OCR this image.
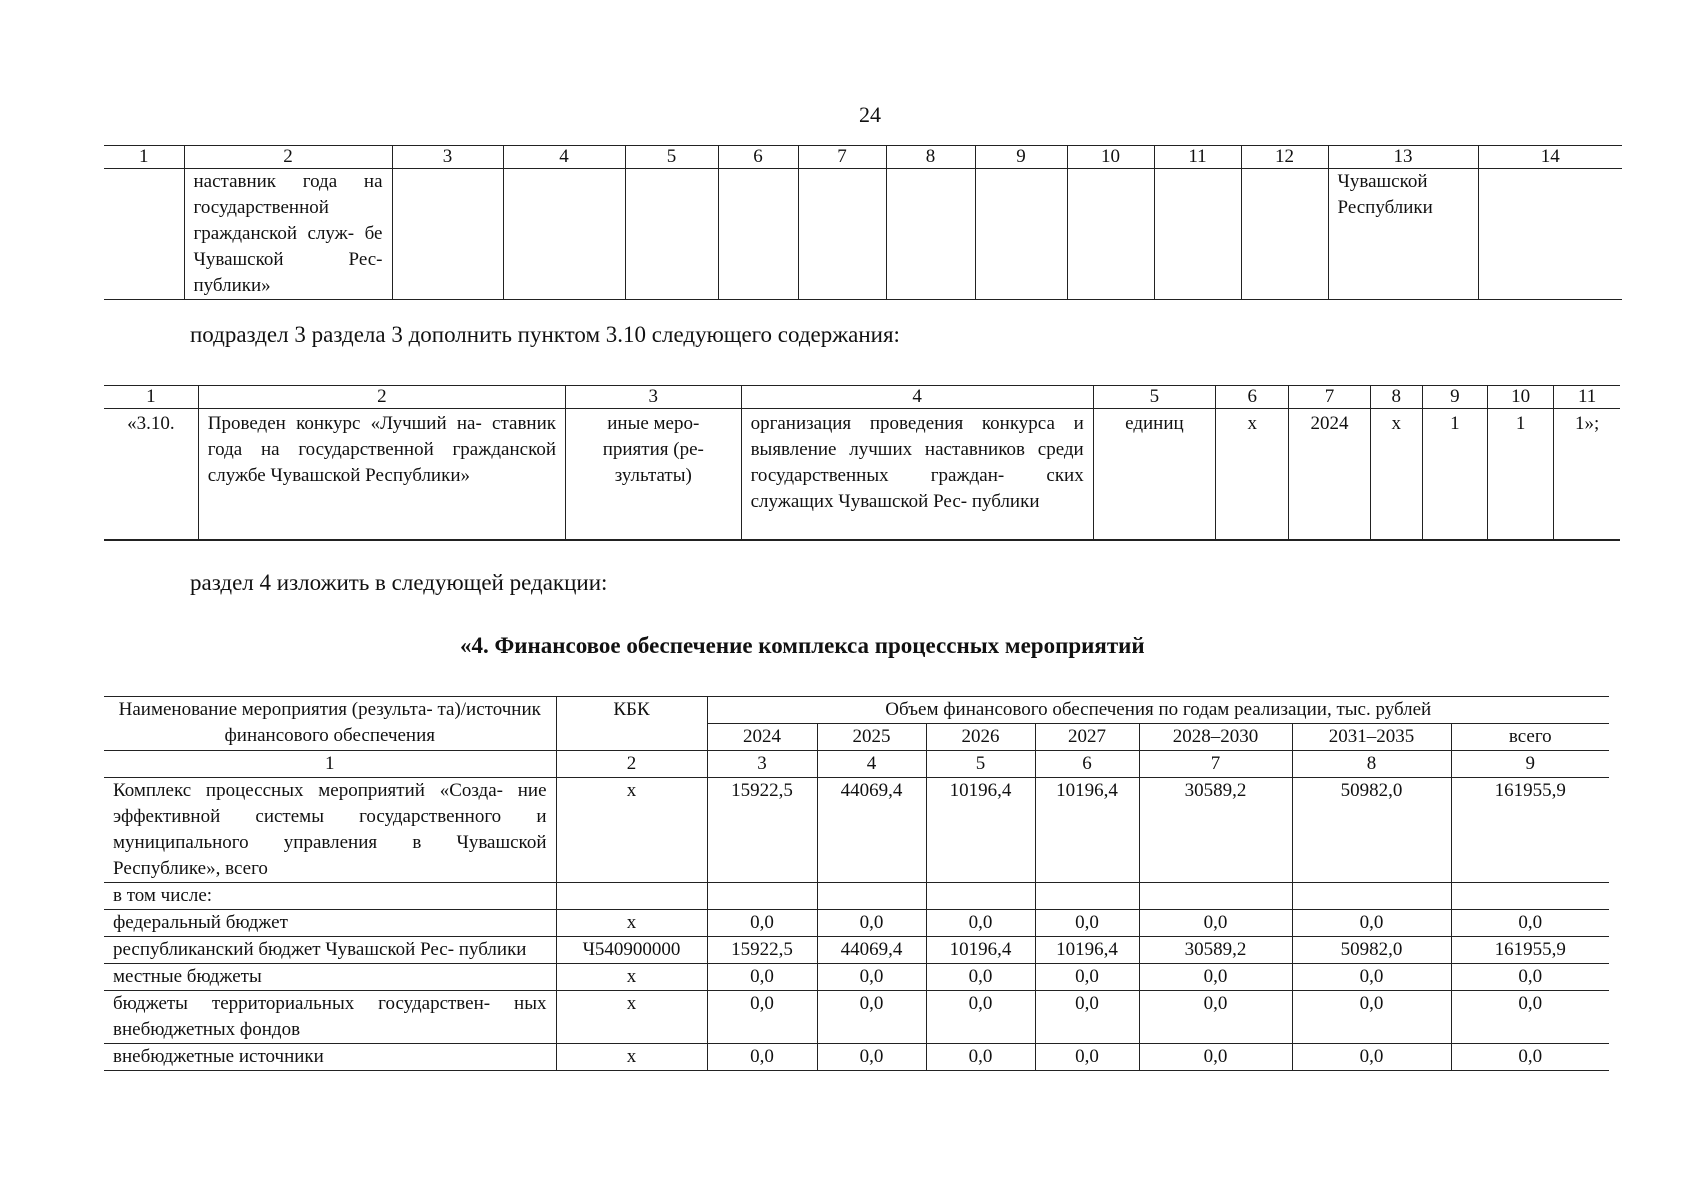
24
1	2	3	4	5	6	7	8	9	10	11	12	13	14
	наставник года на государственной гражданской служ- бе Чувашской Рес- публики»											Чувашской Республики	
подраздел 3 раздела 3 дополнить пунктом 3.10 следующего содержания:
1	2	3	4	5	6	7	8	9	10	11
«3.10.	Проведен конкурс «Лучший на- ставник года на государственной гражданской службе Чувашской Республики»	иные меро- приятия (ре- зультаты)	организация проведения конкурса и выявление лучших наставников среди государственных граждан- ских служащих Чувашской Рес- публики	единиц	х	2024	х	1	1	1»;
раздел 4 изложить в следующей редакции:
«4. Финансовое обеспечение комплекса процессных мероприятий
Наименование мероприятия (результа- та)/источник финансового обеспечения	КБК	Объем финансового обеспечения по годам реализации, тыс. рублей						
		2024	2025	2026	2027	2028–2030	2031–2035	всего
1	2	3	4	5	6	7	8	9
Комплекс процессных мероприятий «Созда- ние эффективной системы государственного и муниципального управления в Чувашской Республике», всего	х	15922,5	44069,4	10196,4	10196,4	30589,2	50982,0	161955,9
в том числе:								
федеральный бюджет	х	0,0	0,0	0,0	0,0	0,0	0,0	0,0
республиканский бюджет Чувашской Рес- публики	Ч540900000	15922,5	44069,4	10196,4	10196,4	30589,2	50982,0	161955,9
местные бюджеты	х	0,0	0,0	0,0	0,0	0,0	0,0	0,0
бюджеты территориальных государствен- ных внебюджетных фондов	х	0,0	0,0	0,0	0,0	0,0	0,0	0,0
внебюджетные источники	х	0,0	0,0	0,0	0,0	0,0	0,0	0,0
